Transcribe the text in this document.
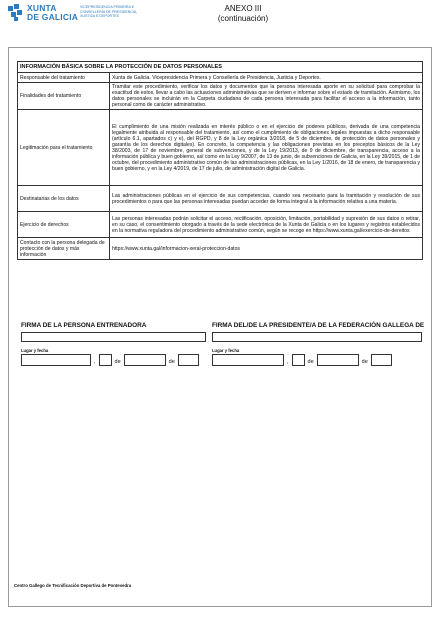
XUNTA
DE GALICIA
VICEPRESIDENCIA PRIMEIRA E
CONSELLERÍA DE PRESIDENCIA,
XUSTIZA E DEPORTES
ANEXO III
(continuación)
INFORMACIÓN BÁSICA SOBRE LA PROTECCIÓN DE DATOS PERSONALES	
Responsable del tratamiento	Xunta de Galicia. Vicepresidencia Primera y Consellería de Presidencia, Justicia y Deportes.
Finalidades del tratamiento	Tramitar este procedimiento, verificar los datos y documentos que la persona interesada aporte en su solicitud para comprobar la exactitud de estos, llevar a cabo las actuaciones administrativas que se deriven e informar sobre el estado de tramitación. Asimismo, los datos personales se incluirán en la Carpeta ciudadana de cada persona interesada para facilitar el acceso a la información, tanto personal como de carácter administrativo.
Legitimación para el tratamiento	El cumplimiento de una misión realizada en interés público o en el ejercicio de poderes públicos, derivada de una competencia legalmente atribuida al responsable del tratamiento, así como el cumplimiento de obligaciones legales impuestas a dicho responsable (artículo 6.1, apartados c) y e), del RGPD, y 8 de la Ley orgánica 3/2018, de 5 de diciembre, de protección de datos personales y garantía de los derechos digitales). En concreto, la competencia y las obligaciones previstas en los preceptos básicos de la Ley 38/2003, de 17 de noviembre, general de subvenciones, y de la Ley 19/2013, de 9 de diciembre, de transparencia, acceso a la información pública y buen gobierno, así como en la Ley 9/2007, de 13 de junio, de subvenciones de Galicia, en la Ley 39/2015, de 1 de octubre, del procedimiento administrativo común de las administraciones públicas, en la Ley 1/2016, de 18 de enero, de transparencia y buen gobierno, y en la Ley 4/2019, de 17 de julio, de administración digital de Galicia.
Destinatarias de los datos	Las administraciones públicas en el ejercicio de sus competencias, cuando sea necesario para la tramitación y resolución de sus procedimientos o para que las personas interesadas puedan acceder de forma integral a la información relativa a una materia.
Ejercicio de derechos	Las personas interesadas podrán solicitar el acceso, rectificación, oposición, limitación, portabilidad y supresión de sus datos o retirar, en su caso, el consentimiento otorgado a través de la sede electrónica de la Xunta de Galicia o en los lugares y registros establecidos en la normativa reguladora del procedimiento administrativo común, según se recoge en https://www.xunta.gal/exercicio-de-dereitos
Contacto con la persona delegada de protección de datos y más información	https://www.xunta.gal/informacion-xeral-proteccion-datos
FIRMA DE LA PERSONA ENTRENADORA
Lugar y fecha
,	de	de
FIRMA DEL/DE LA PRESIDENTE/A DE LA FEDERACIÓN GALLEGA DE
Lugar y fecha
,	de	de
Centro Gallego de Tecnificación Deportiva de Pontevedra
